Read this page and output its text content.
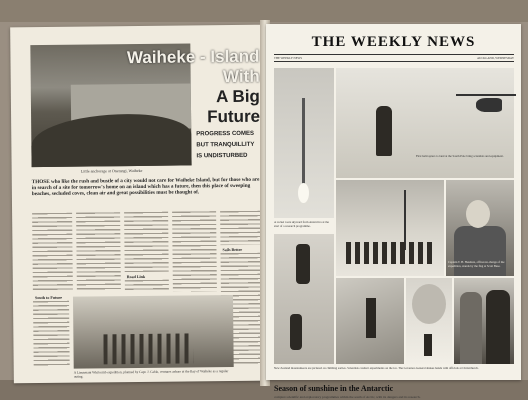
Little anchorage at Onetangi, Waiheke
Waiheke - Island With
A Big
Future
PROGRESS COMES BUT TRANQUILLITY IS UNDISTURBED
THOSE who like the rush and bustle of a city would not care for Waiheke Island, but for those who are in search of a site for tomorrow's home on an island which has a future, then this place of sweeping beaches, secluded coves, clean air and great possibilities must be thought of.
Road Link
Sails Better
South to Future
A Lieutenant Whitcomb expedition, planned by Capt. J. Cable, ventures ashore at the Bay of Waiheke as a regular outing.
THE WEEKLY NEWS
THE WEEKLY NEWS	AUCKLAND, WEDNESDAY
A rocket roars skyward from Antarctica at the start of a research programme.
First helicopters to land at the South Pole bring scientists and equipment.
Captain T. H. Hendren, officer-in-charge of the expedition, stands by the flag at Scott Base.
New Zealand mountaineers are pictured on climbing sorties. Scientists conduct experiments on the ice. The Governor-General shakes hands with officials at Christchurch.
Season of sunshine in the Antarctic
complex scientific and exploratory programmes within the south of Arctic, with its dangers and its research.
